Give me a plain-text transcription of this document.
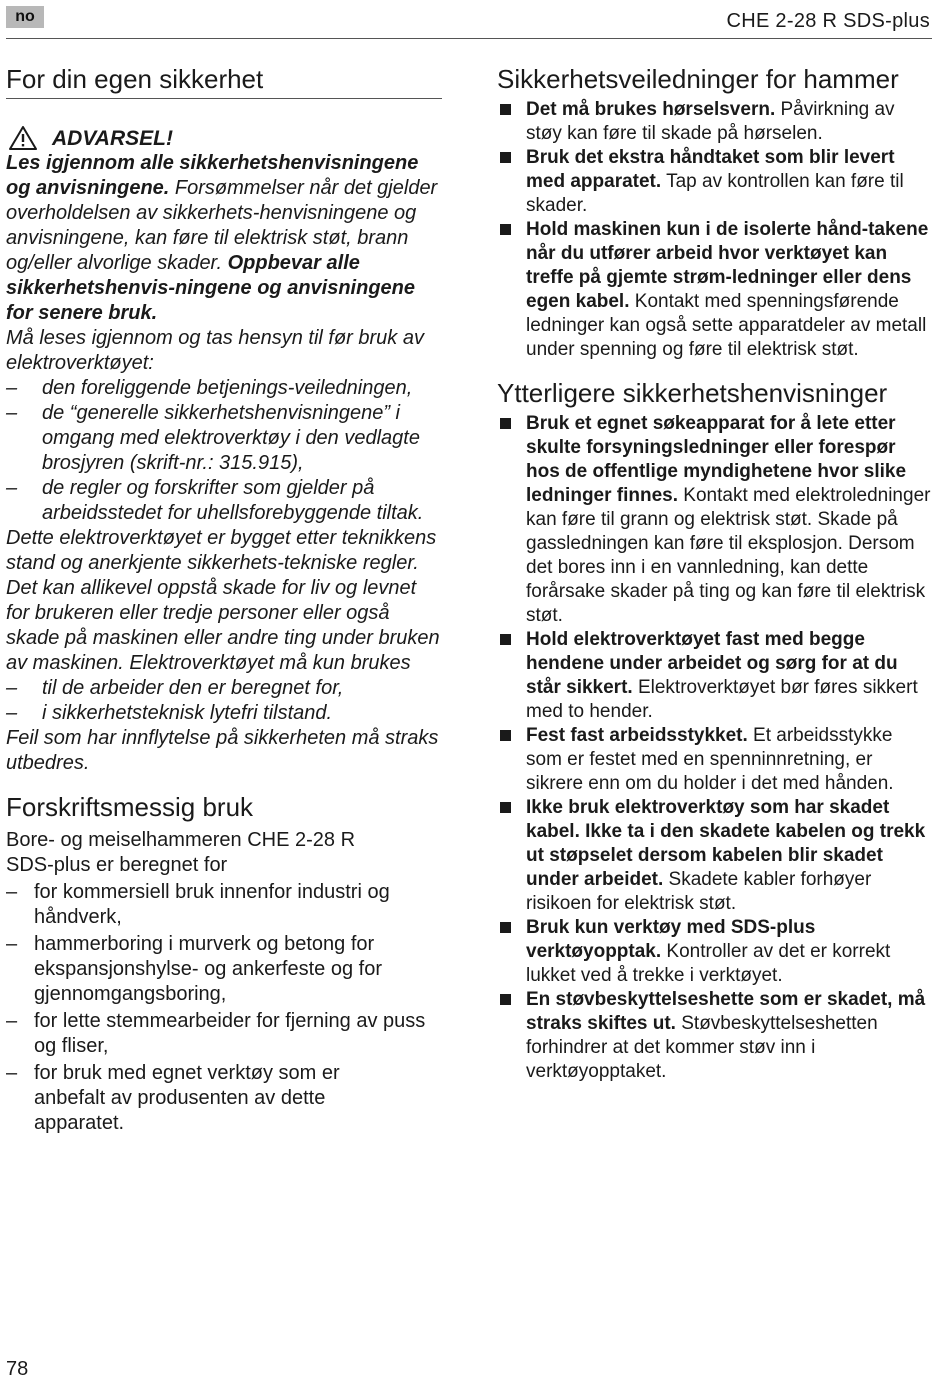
no	CHE 2-28 R SDS-plus
For din egen sikkerhet
ADVARSEL!

Les igjennom alle sikkerhetshenvisningene og anvisningene. Forsømmelser når det gjelder overholdelsen av sikkerhets-henvisningene og anvisningene, kan føre til elektrisk støt, brann og/eller alvorlige skader. Oppbevar alle sikkerhetshenvis-ningene og anvisningene for senere bruk.

Må leses igjennom og tas hensyn til før bruk av elektroverktøyet:

– den foreliggende betjenings-veiledningen,
– de “generelle sikkerhetshenvisningene” i omgang med elektroverktøy i den vedlagte brosjyren (skrift-nr.: 315.915),
– de regler og forskrifter som gjelder på arbeidsstedet for uhellsforebyggende tiltak.

Dette elektroverktøyet er bygget etter teknikkens stand og anerkjente sikkerhets-tekniske regler. Det kan allikevel oppstå skade for liv og levnet for brukeren eller tredje personer eller også skade på maskinen eller andre ting under bruken av maskinen. Elektroverktøyet må kun brukes

– til de arbeider den er beregnet for,
– i sikkerhetsteknisk lytefri tilstand.

Feil som har innflytelse på sikkerheten må straks utbedres.

Forskriftsmessig bruk

Bore- og meiselhammeren CHE 2-28 R SDS-plus er beregnet for

– for kommersiell bruk innenfor industri og håndverk,
– hammerboring i murverk og betong for ekspansjonshylse- og ankerfeste og for gjennomgangsboring,
– for lette stemmearbeider for fjerning av puss og fliser,
– for bruk med egnet verktøy som er anbefalt av produsenten av dette apparatet.
Sikkerhetsveiledninger for hammer
Det må brukes hørselsvern. Påvirkning av støy kan føre til skade på hørselen.
Bruk det ekstra håndtaket som blir levert med apparatet. Tap av kontrollen kan føre til skader.
Hold maskinen kun i de isolerte hånd-takene når du utfører arbeid hvor verktøyet kan treffe på gjemte strøm-ledninger eller dens egen kabel. Kontakt med spenningsførende ledninger kan også sette apparatdeler av metall under spenning og føre til elektrisk støt.
Ytterligere sikkerhetshenvisninger
Bruk et egnet søkeapparat for å lete etter skulte forsyningsledninger eller forespør hos de offentlige myndighetene hvor slike ledninger finnes. Kontakt med elektroledninger kan føre til grann og elektrisk støt. Skade på gassledningen kan føre til eksplosjon. Dersom det bores inn i en vannledning, kan dette forårsake skader på ting og kan føre til elektrisk støt.
Hold elektroverktøyet fast med begge hendene under arbeidet og sørg for at du står sikkert. Elektroverktøyet bør føres sikkert med to hender.
Fest fast arbeidsstykket. Et arbeidsstykke som er festet med en spenninnretning, er sikrere enn om du holder i det med hånden.
Ikke bruk elektroverktøy som har skadet kabel. Ikke ta i den skadete kabelen og trekk ut støpselet dersom kabelen blir skadet under arbeidet. Skadete kabler forhøyer risikoen for elektrisk støt.
Bruk kun verktøy med SDS-plus verktøyopptak. Kontroller av det er korrekt lukket ved å trekke i verktøyet.
En støvbeskyttelseshette som er skadet, må straks skiftes ut. Støvbeskyttelseshetten forhindrer at det kommer støv inn i verktøyopptaket.
78
